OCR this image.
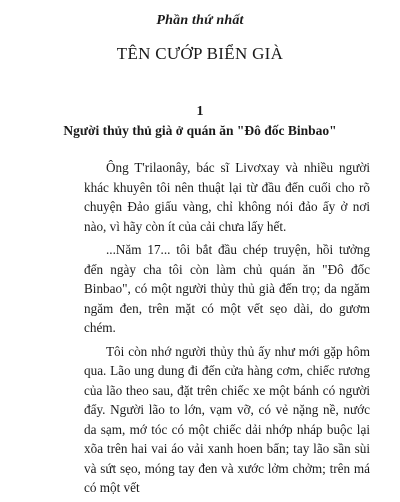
Phần thứ nhất
TÊN CƯỚP BIỂN GIÀ
1
Người thủy thủ già ở quán ăn "Đô đốc Binbao"

Ông T'rilaonây, bác sĩ Livơxay và nhiều người khác khuyên tôi nên thuật lại từ đầu đến cuối cho rõ chuyện Đảo giấu vàng, chỉ không nói đảo ấy ở nơi nào, vì hãy còn ít của cải chưa lấy hết.

...Năm 17... tôi bắt đầu chép truyện, hồi tưởng đến ngày cha tôi còn làm chủ quán ăn "Đô đốc Binbao", có một người thủy thủ già đến trọ; da ngăm ngăm đen, trên mặt có một vết sẹo dài, do gươm chém.

Tôi còn nhớ người thủy thủ ấy như mới gặp hôm qua. Lão ung dung đi đến cửa hàng cơm, chiếc rương của lão theo sau, đặt trên chiếc xe một bánh có người đẩy. Người lão to lớn, vạm vỡ, có vẻ nặng nề, nước da sạm, mớ tóc có một chiếc dải nhớp nháp buộc lại xõa trên hai vai áo vải xanh hoen bẩn; tay lão sần sùi và sứt sẹo, móng tay đen và xước lởm chởm; trên má có một vết
